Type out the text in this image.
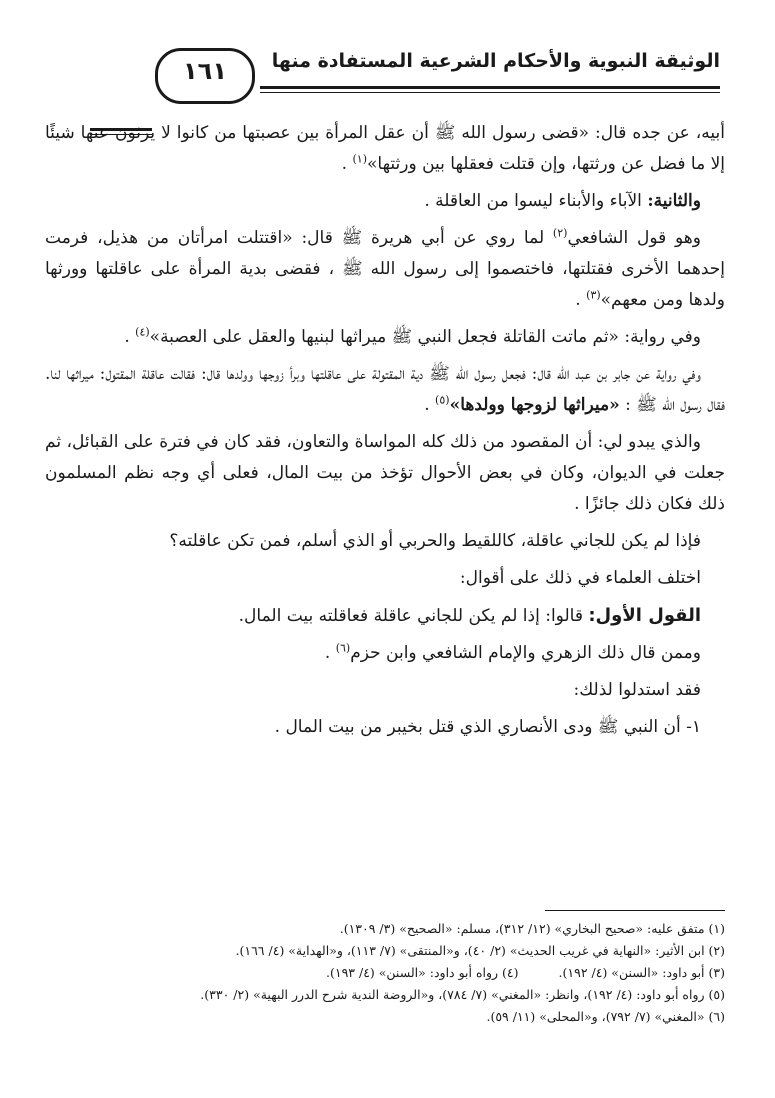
الوثيقة النبوية والأحكام الشرعية المستفادة منها
١٦١

أبيه، عن جده قال: «قضى رسول الله ﷺ أن عقل المرأة بين عصبتها من كانوا لا يرثون عنها شيئًا إلا ما فضل عن ورثتها، وإن قتلت فعقلها بين ورثتها»$^{(١)}$ .

والثانية: الآباء والأبناء ليسوا من العاقلة .

وهو قول الشافعي$^{(٢)}$ لما روي عن أبي هريرة ﷺ قال: «اقتتلت امرأتان من هذيل، فرمت إحدهما الأخرى فقتلتها، فاختصموا إلى رسول الله ﷺ ، فقضى بدية المرأة على عاقلتها وورثها ولدها ومن معهم»$^{(٣)}$ .

وفي رواية: «ثم ماتت القاتلة فجعل النبي ﷺ ميراثها لبنيها والعقل على العصبة»$^{(٤)}$ .

وفي رواية عن جابر بن عبد الله قال: فجعل رسول الله ﷺ دية المقتولة على عاقلتها وبرأ زوجها وولدها قال: فقالت عاقلة المقتول: ميراثها لنا. فقال رسول الله ﷺ : «ميراثها لزوجها وولدها»$^{(٥)}$ .

والذي يبدو لي: أن المقصود من ذلك كله المواساة والتعاون، فقد كان في فترة على القبائل، ثم جعلت في الديوان، وكان في بعض الأحوال تؤخذ من بيت المال، فعلى أي وجه نظم المسلمون ذلك فكان ذلك جائزًا .

فإذا لم يكن للجاني عاقلة، كاللقيط والحربي أو الذي أسلم، فمن تكن عاقلته؟

اختلف العلماء في ذلك على أقوال:

القول الأول: قالوا: إذا لم يكن للجاني عاقلة فعاقلته بيت المال.

وممن قال ذلك الزهري والإمام الشافعي وابن حزم$^{(٦)}$ .

فقد استدلوا لذلك:

١- أن النبي ﷺ ودى الأنصاري الذي قتل بخيبر من بيت المال .

(١) متفق عليه: «صحيح البخاري» (١٢/ ٣١٢)، مسلم: «الصحيح» (٣/ ١٣٠٩).
(٢) ابن الأثير: «النهاية في غريب الحديث» (٢/ ٤٠)، و«المنتقى» (٧/ ١١٣)، و«الهداية» (٤/ ١٦٦).
(٣) أبو داود: «السنن» (٤/ ١٩٢).
(٤) رواه أبو داود: «السنن» (٤/ ١٩٣).
(٥) رواه أبو داود: (٤/ ١٩٢)، وانظر: «المغني» (٧/ ٧٨٤)، و«الروضة الندية شرح الدرر البهية» (٢/ ٣٣٠).
(٦) «المغني» (٧/ ٧٩٢)، و«المحلى» (١١/ ٥٩).
